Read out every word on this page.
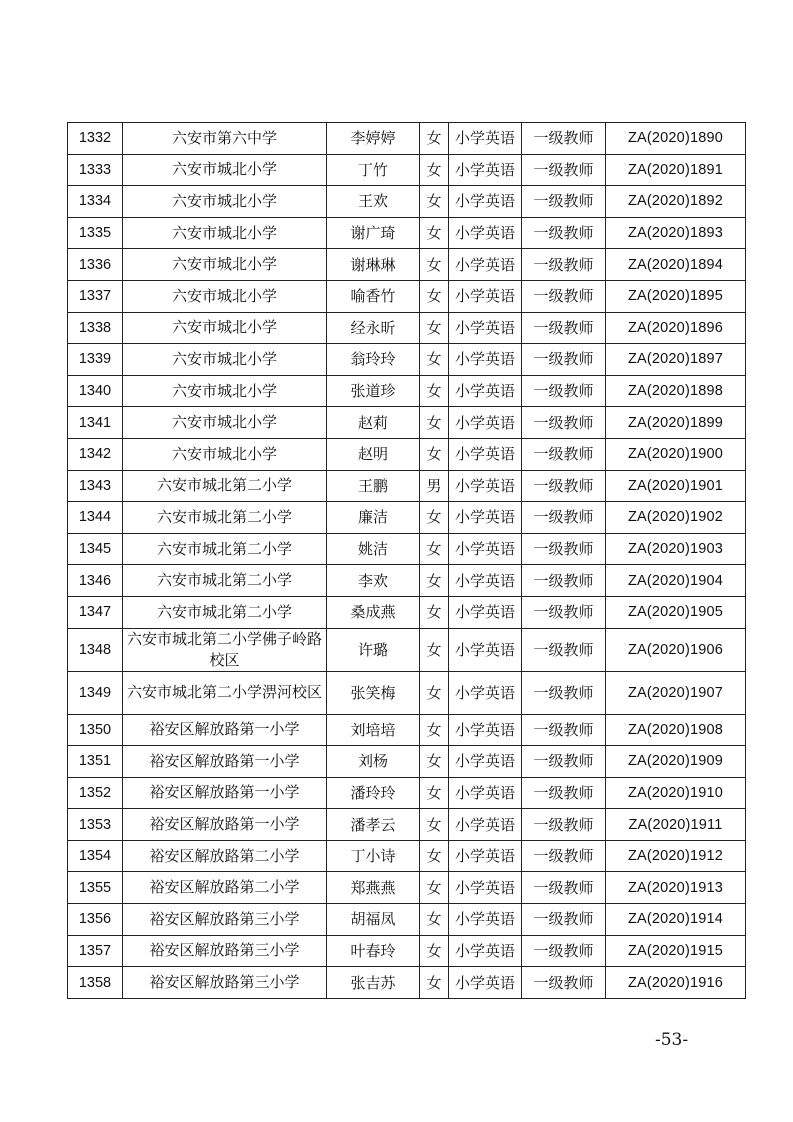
1332	六安市第六中学	李婷婷	女	小学英语	一级教师	ZA(2020)1890
1333	六安市城北小学	丁竹	女	小学英语	一级教师	ZA(2020)1891
1334	六安市城北小学	王欢	女	小学英语	一级教师	ZA(2020)1892
1335	六安市城北小学	谢广琦	女	小学英语	一级教师	ZA(2020)1893
1336	六安市城北小学	谢琳琳	女	小学英语	一级教师	ZA(2020)1894
1337	六安市城北小学	喻香竹	女	小学英语	一级教师	ZA(2020)1895
1338	六安市城北小学	经永昕	女	小学英语	一级教师	ZA(2020)1896
1339	六安市城北小学	翁玲玲	女	小学英语	一级教师	ZA(2020)1897
1340	六安市城北小学	张道珍	女	小学英语	一级教师	ZA(2020)1898
1341	六安市城北小学	赵莉	女	小学英语	一级教师	ZA(2020)1899
1342	六安市城北小学	赵明	女	小学英语	一级教师	ZA(2020)1900
1343	六安市城北第二小学	王鹏	男	小学英语	一级教师	ZA(2020)1901
1344	六安市城北第二小学	廉洁	女	小学英语	一级教师	ZA(2020)1902
1345	六安市城北第二小学	姚洁	女	小学英语	一级教师	ZA(2020)1903
1346	六安市城北第二小学	李欢	女	小学英语	一级教师	ZA(2020)1904
1347	六安市城北第二小学	桑成燕	女	小学英语	一级教师	ZA(2020)1905
1348	六安市城北第二小学佛子岭路校区	许璐	女	小学英语	一级教师	ZA(2020)1906
1349	六安市城北第二小学淠河校区	张笑梅	女	小学英语	一级教师	ZA(2020)1907
1350	裕安区解放路第一小学	刘培培	女	小学英语	一级教师	ZA(2020)1908
1351	裕安区解放路第一小学	刘杨	女	小学英语	一级教师	ZA(2020)1909
1352	裕安区解放路第一小学	潘玲玲	女	小学英语	一级教师	ZA(2020)1910
1353	裕安区解放路第一小学	潘孝云	女	小学英语	一级教师	ZA(2020)1911
1354	裕安区解放路第二小学	丁小诗	女	小学英语	一级教师	ZA(2020)1912
1355	裕安区解放路第二小学	郑燕燕	女	小学英语	一级教师	ZA(2020)1913
1356	裕安区解放路第三小学	胡福凤	女	小学英语	一级教师	ZA(2020)1914
1357	裕安区解放路第三小学	叶春玲	女	小学英语	一级教师	ZA(2020)1915
1358	裕安区解放路第三小学	张吉苏	女	小学英语	一级教师	ZA(2020)1916
-53-
